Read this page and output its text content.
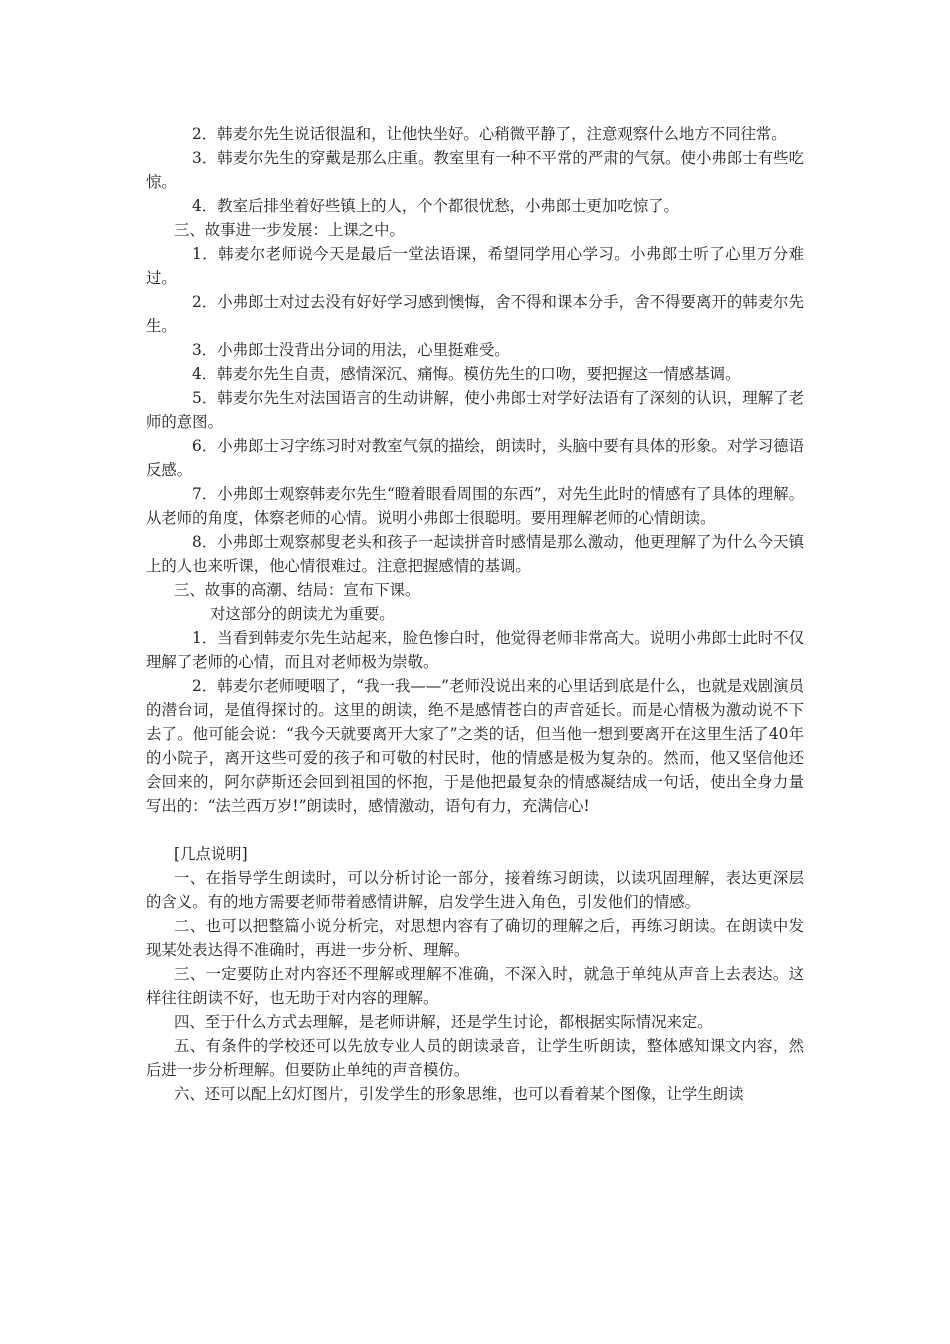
2．韩麦尔先生说话很温和，让他快坐好。心稍微平静了，注意观察什么地方不同往常。

3．韩麦尔先生的穿戴是那么庄重。教室里有一种不平常的严肃的气氛。使小弗郎士有些吃惊。

4．教室后排坐着好些镇上的人，个个都很忧愁，小弗郎士更加吃惊了。

三、故事进一步发展：上课之中。

1．韩麦尔老师说今天是最后一堂法语课，希望同学用心学习。小弗郎士听了心里万分难过。

2．小弗郎士对过去没有好好学习感到懊悔，舍不得和课本分手，舍不得要离开的韩麦尔先生。

3．小弗郎士没背出分词的用法，心里挺难受。

4．韩麦尔先生自责，感情深沉、痛悔。模仿先生的口吻，要把握这一情感基调。

5．韩麦尔先生对法国语言的生动讲解，使小弗郎士对学好法语有了深刻的认识，理解了老师的意图。

6．小弗郎士习字练习时对教室气氛的描绘，朗读时，头脑中要有具体的形象。对学习德语反感。

7．小弗郎士观察韩麦尔先生“瞪着眼看周围的东西”，对先生此时的情感有了具体的理解。从老师的角度，体察老师的心情。说明小弗郎士很聪明。要用理解老师的心情朗读。

8．小弗郎士观察郝叟老头和孩子一起读拼音时感情是那么激动，他更理解了为什么今天镇上的人也来听课，他心情很难过。注意把握感情的基调。

三、故事的高潮、结局：宣布下课。

对这部分的朗读尤为重要。

1．当看到韩麦尔先生站起来，脸色惨白时，他觉得老师非常高大。说明小弗郎士此时不仅理解了老师的心情，而且对老师极为崇敬。

2．韩麦尔老师哽咽了，“我一我——”老师没说出来的心里话到底是什么，也就是戏剧演员的潜台词，是值得探讨的。这里的朗读，绝不是感情苍白的声音延长。而是心情极为激动说不下去了。他可能会说：“我今天就要离开大家了”之类的话，但当他一想到要离开在这里生活了40年的小院子，离开这些可爱的孩子和可敬的村民时，他的情感是极为复杂的。然而，他又坚信他还会回来的，阿尔萨斯还会回到祖国的怀抱，于是他把最复杂的情感凝结成一句话，使出全身力量写出的：“法兰西万岁!”朗读时，感情激动，语句有力，充满信心!

[几点说明]

一、在指导学生朗读时，可以分析讨论一部分，接着练习朗读，以读巩固理解，表达更深层的含义。有的地方需要老师带着感情讲解，启发学生进入角色，引发他们的情感。

二、也可以把整篇小说分析完，对思想内容有了确切的理解之后，再练习朗读。在朗读中发现某处表达得不准确时，再进一步分析、理解。

三、一定要防止对内容还不理解或理解不准确，不深入时，就急于单纯从声音上去表达。这样往往朗读不好，也无助于对内容的理解。

四、至于什么方式去理解，是老师讲解，还是学生讨论，都根据实际情况来定。

五、有条件的学校还可以先放专业人员的朗读录音，让学生听朗读，整体感知课文内容，然后进一步分析理解。但要防止单纯的声音模仿。

六、还可以配上幻灯图片，引发学生的形象思维，也可以看着某个图像，让学生朗读
